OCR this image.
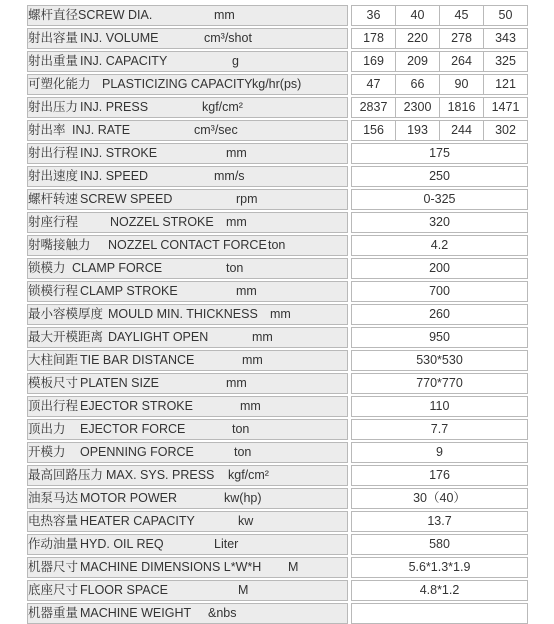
螺杆直径 SCREW DIA. mm		36	40	45	50

射出容量 INJ. VOLUME cm³/shot		178	220	278	343

射出重量 INJ. CAPACITY g		169	209	264	325

可塑化能力 PLASTICIZING CAPACITY kg/hr(ps)		47	66	90	121

射出压力 INJ. PRESS kgf/cm²		2837	2300	1816	1471

射出率 INJ. RATE cm³/sec		156	193	244	302

射出行程 INJ. STROKE mm		175			

射出速度 INJ. SPEED mm/s		250			

螺杆转速 SCREW SPEED rpm		0-325			

射座行程 NOZZEL STROKE mm		320			

射嘴接触力 NOZZEL CONTACT FORCE ton		4.2			

锁模力 CLAMP FORCE ton		200			

锁模行程 CLAMP STROKE mm		700			

最小容模厚度 MOULD MIN. THICKNESS mm		260			

最大开模距离 DAYLIGHT OPEN mm		950			

大柱间距 TIE BAR DISTANCE mm		530*530			

模板尺寸 PLATEN SIZE mm		770*770			

顶出行程 EJECTOR STROKE mm		110			

顶出力 EJECTOR FORCE ton		7.7			

开模力 OPENNING FORCE ton		9			

最高回路压力 MAX. SYS. PRESS kgf/cm²		176			

油泵马达 MOTOR POWER kw(hp)		30（40）			

电热容量 HEATER CAPACITY kw		13.7			

作动油量 HYD. OIL REQ Liter		580			

机器尺寸 MACHINE DIMENSIONS L*W*H M		5.6*1.3*1.9			

底座尺寸 FLOOR SPACE M		4.8*1.2			

机器重量 MACHINE WEIGHT &nbs					
